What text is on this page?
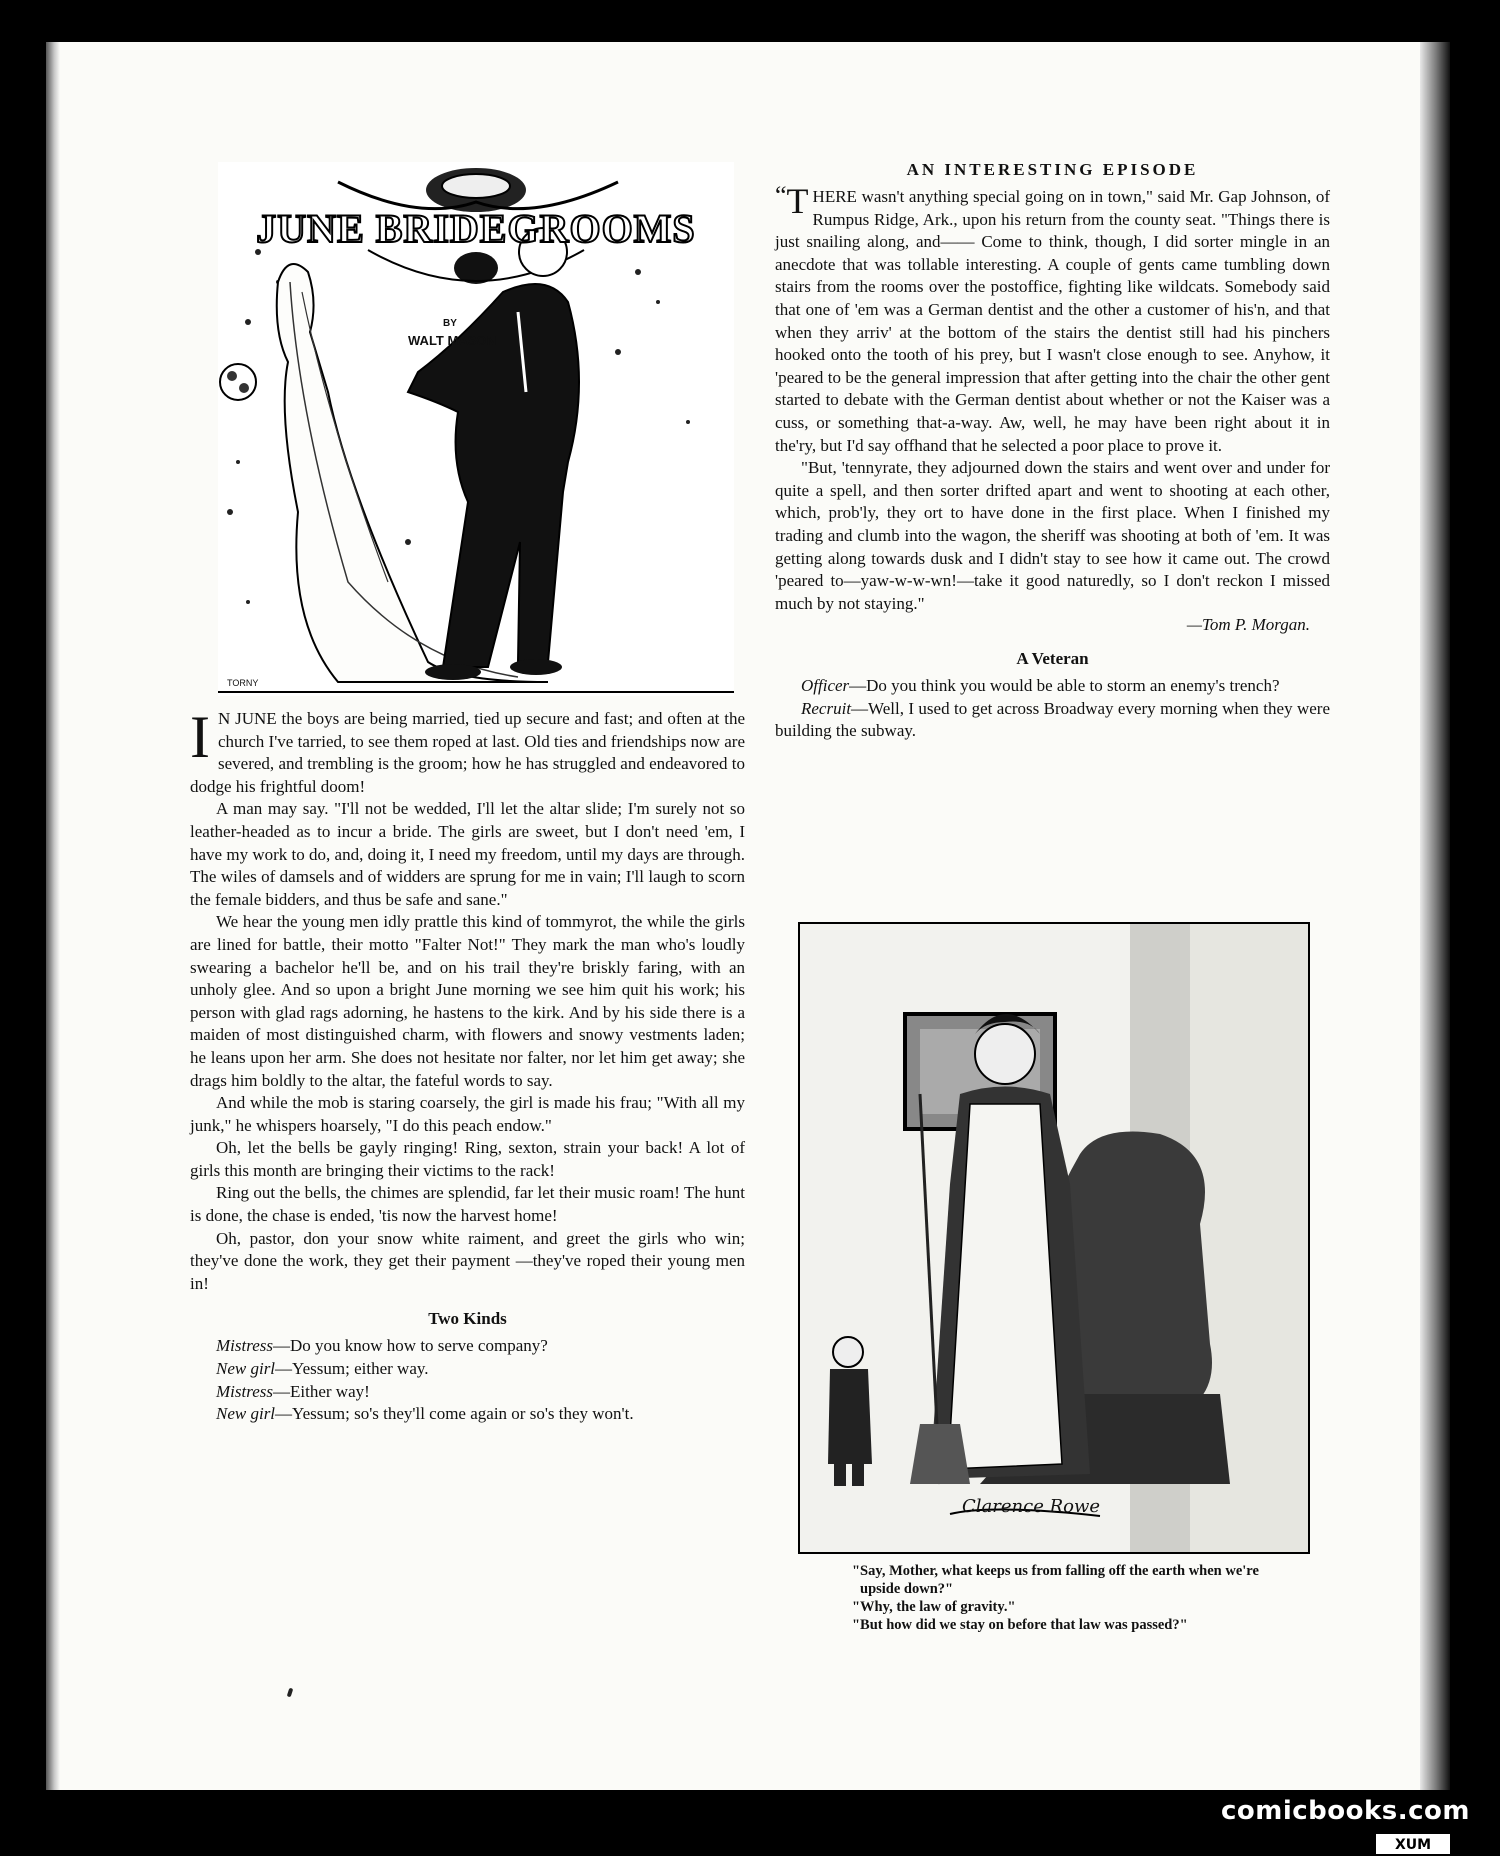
JUNE BRIDEGROOMS
BY
WALT MASON
TORNY

I N JUNE the boys are being married, tied up secure and fast; and often at the church I've tarried, to see them roped at last. Old ties and friendships now are severed, and trembling is the groom; how he has struggled and endeavored to dodge his frightful doom!

A man may say. "I'll not be wedded, I'll let the altar slide; I'm surely not so leather-headed as to incur a bride. The girls are sweet, but I don't need 'em, I have my work to do, and, doing it, I need my freedom, until my days are through. The wiles of damsels and of widders are sprung for me in vain; I'll laugh to scorn the female bidders, and thus be safe and sane."

We hear the young men idly prattle this kind of tommyrot, the while the girls are lined for battle, their motto "Falter Not!" They mark the man who's loudly swearing a bachelor he'll be, and on his trail they're briskly faring, with an unholy glee. And so upon a bright June morning we see him quit his work; his person with glad rags adorning, he hastens to the kirk. And by his side there is a maiden of most distinguished charm, with flowers and snowy vestments laden; he leans upon her arm. She does not hesitate nor falter, nor let him get away; she drags him boldly to the altar, the fateful words to say.

And while the mob is staring coarsely, the girl is made his frau; "With all my junk," he whispers hoarsely, "I do this peach endow."

Oh, let the bells be gayly ringing! Ring, sexton, strain your back! A lot of girls this month are bringing their victims to the rack!

Ring out the bells, the chimes are splendid, far let their music roam! The hunt is done, the chase is ended, 'tis now the harvest home!

Oh, pastor, don your snow white raiment, and greet the girls who win; they've done the work, they get their payment —they've roped their young men in!

Two Kinds

Mistress—Do you know how to serve company?

New girl—Yessum; either way.

Mistress—Either way!

New girl—Yessum; so's they'll come again or so's they won't.

AN INTERESTING EPISODE

“ T HERE wasn't anything special going on in town," said Mr. Gap Johnson, of Rumpus Ridge, Ark., upon his return from the county seat. "Things there is just snailing along, and—— Come to think, though, I did sorter mingle in an anecdote that was tollable interesting. A couple of gents came tumbling down stairs from the rooms over the postoffice, fighting like wildcats. Somebody said that one of 'em was a German dentist and the other a customer of his'n, and that when they arriv' at the bottom of the stairs the dentist still had his pinchers hooked onto the tooth of his prey, but I wasn't close enough to see. Anyhow, it 'peared to be the general impression that after getting into the chair the other gent started to debate with the German dentist about whether or not the Kaiser was a cuss, or something that-a-way. Aw, well, he may have been right about it in the'ry, but I'd say offhand that he selected a poor place to prove it.

"But, 'tennyrate, they adjourned down the stairs and went over and under for quite a spell, and then sorter drifted apart and went to shooting at each other, which, prob'ly, they ort to have done in the first place. When I finished my trading and clumb into the wagon, the sheriff was shooting at both of 'em. It was getting along towards dusk and I didn't stay to see how it came out. The crowd 'peared to—yaw-w-w-wn!—take it good naturedly, so I don't reckon I missed much by not staying."

—Tom P. Morgan.
A Veteran

Officer—Do you think you would be able to storm an enemy's trench?

Recruit—Well, I used to get across Broadway every morning when they were building the subway.

Clarence Rowe
"Say, Mother, what keeps us from falling off the earth when we're upside down?"
"Why, the law of gravity."
"But how did we stay on before that law was passed?"
comicbooks.com
XUM
